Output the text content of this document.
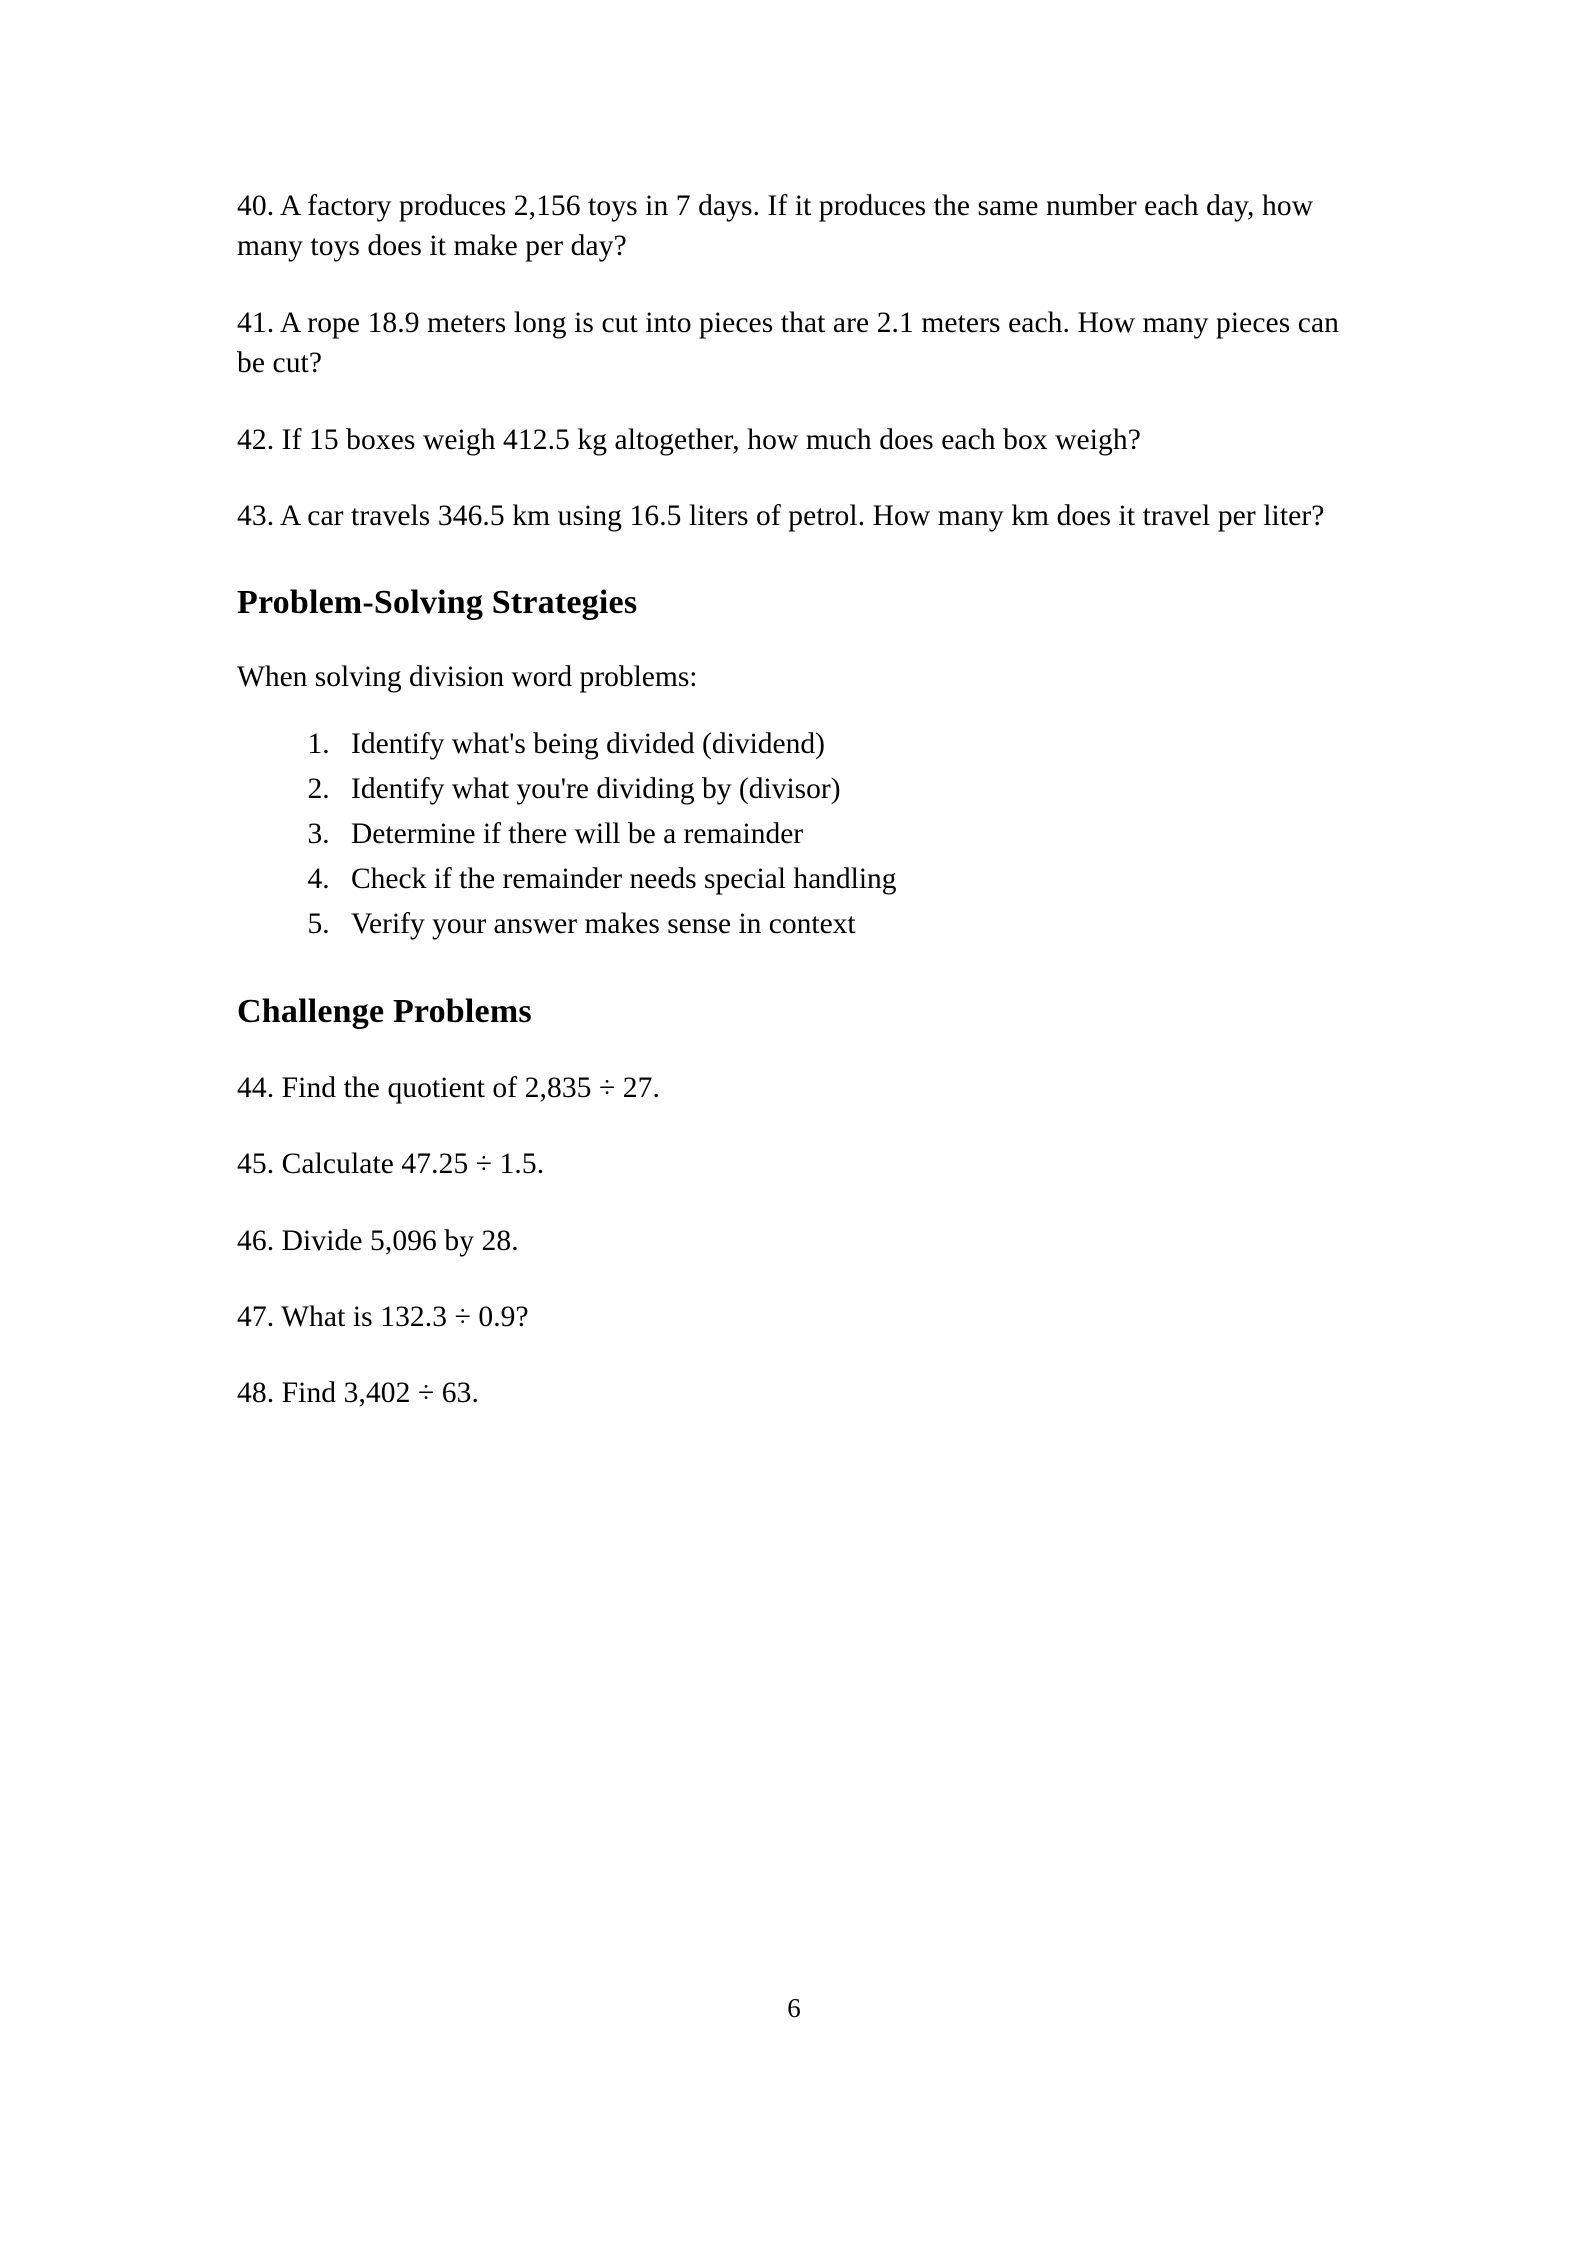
40. A factory produces 2,156 toys in 7 days. If it produces the same number each day, how many toys does it make per day?

41. A rope 18.9 meters long is cut into pieces that are 2.1 meters each. How many pieces can be cut?

42. If 15 boxes weigh 412.5 kg altogether, how much does each box weigh?

43. A car travels 346.5 km using 16.5 liters of petrol. How many km does it travel per liter?

Problem-Solving Strategies

When solving division word problems:

1. Identify what's being divided (dividend)
2. Identify what you're dividing by (divisor)
3. Determine if there will be a remainder
4. Check if the remainder needs special handling
5. Verify your answer makes sense in context
Challenge Problems

44. Find the quotient of 2,835 ÷ 27.

45. Calculate 47.25 ÷ 1.5.

46. Divide 5,096 by 28.

47. What is 132.3 ÷ 0.9?

48. Find 3,402 ÷ 63.

6
